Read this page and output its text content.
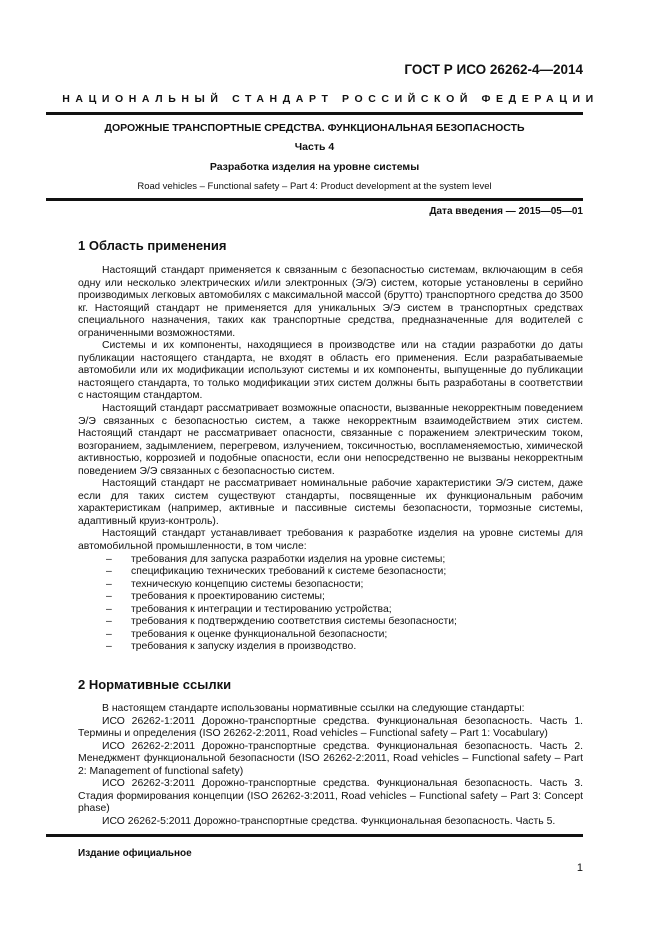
ГОСТ Р ИСО 26262-4—2014
НАЦИОНАЛЬНЫЙ СТАНДАРТ РОССИЙСКОЙ ФЕДЕРАЦИИ
ДОРОЖНЫЕ ТРАНСПОРТНЫЕ СРЕДСТВА. ФУНКЦИОНАЛЬНАЯ БЕЗОПАСНОСТЬ
Часть 4
Разработка изделия на уровне системы
Road vehicles – Functional safety – Part 4: Product development at the system level
Дата введения — 2015—05—01
1 Область применения

Настоящий стандарт применяется к связанным с безопасностью системам, включающим в себя одну или несколько электрических и/или электронных (Э/Э) систем, которые установлены в серийно производимых легковых автомобилях с максимальной массой (брутто) транспортного средства до 3500 кг. Настоящий стандарт не применяется для уникальных Э/Э систем в транспортных средствах специального назначения, таких как транспортные средства, предназначенные для водителей с ограниченными возможностями.

Системы и их компоненты, находящиеся в производстве или на стадии разработки до даты публикации настоящего стандарта, не входят в область его применения. Если разрабатываемые автомобили или их модификации используют системы и их компоненты, выпущенные до публикации настоящего стандарта, то только модификации этих систем должны быть разработаны в соответствии с настоящим стандартом.

Настоящий стандарт рассматривает возможные опасности, вызванные некорректным поведением Э/Э связанных с безопасностью систем, а также некорректным взаимодействием этих систем. Настоящий стандарт не рассматривает опасности, связанные с поражением электрическим током, возгоранием, задымлением, перегревом, излучением, токсичностью, воспламеняемостью, химической активностью, коррозией и подобные опасности, если они непосредственно не вызваны некорректным поведением Э/Э связанных с безопасностью систем.

Настоящий стандарт не рассматривает номинальные рабочие характеристики Э/Э систем, даже если для таких систем существуют стандарты, посвященные их функциональным рабочим характеристикам (например, активные и пассивные системы безопасности, тормозные системы, адаптивный круиз-контроль).

Настоящий стандарт устанавливает требования к разработке изделия на уровне системы для автомобильной промышленности, в том числе:

– требования для запуска разработки изделия на уровне системы;
– спецификацию технических требований к системе безопасности;
– техническую концепцию системы безопасности;
– требования к проектированию системы;
– требования к интеграции и тестированию устройства;
– требования к подтверждению соответствия системы безопасности;
– требования к оценке функциональной безопасности;
– требования к запуску изделия в производство.
2 Нормативные ссылки

В настоящем стандарте использованы нормативные ссылки на следующие стандарты:

ИСО 26262-1:2011 Дорожно-транспортные средства. Функциональная безопасность. Часть 1. Термины и определения (ISO 26262-2:2011, Road vehicles – Functional safety – Part 1: Vocabulary)

ИСО 26262-2:2011 Дорожно-транспортные средства. Функциональная безопасность. Часть 2. Менеджмент функциональной безопасности (ISO 26262-2:2011, Road vehicles – Functional safety – Part 2: Management of functional safety)

ИСО 26262-3:2011 Дорожно-транспортные средства. Функциональная безопасность. Часть 3. Стадия формирования концепции (ISO 26262-3:2011, Road vehicles – Functional safety – Part 3: Concept phase)

ИСО 26262-5:2011 Дорожно-транспортные средства. Функциональная безопасность. Часть 5.

Издание официальное
1
